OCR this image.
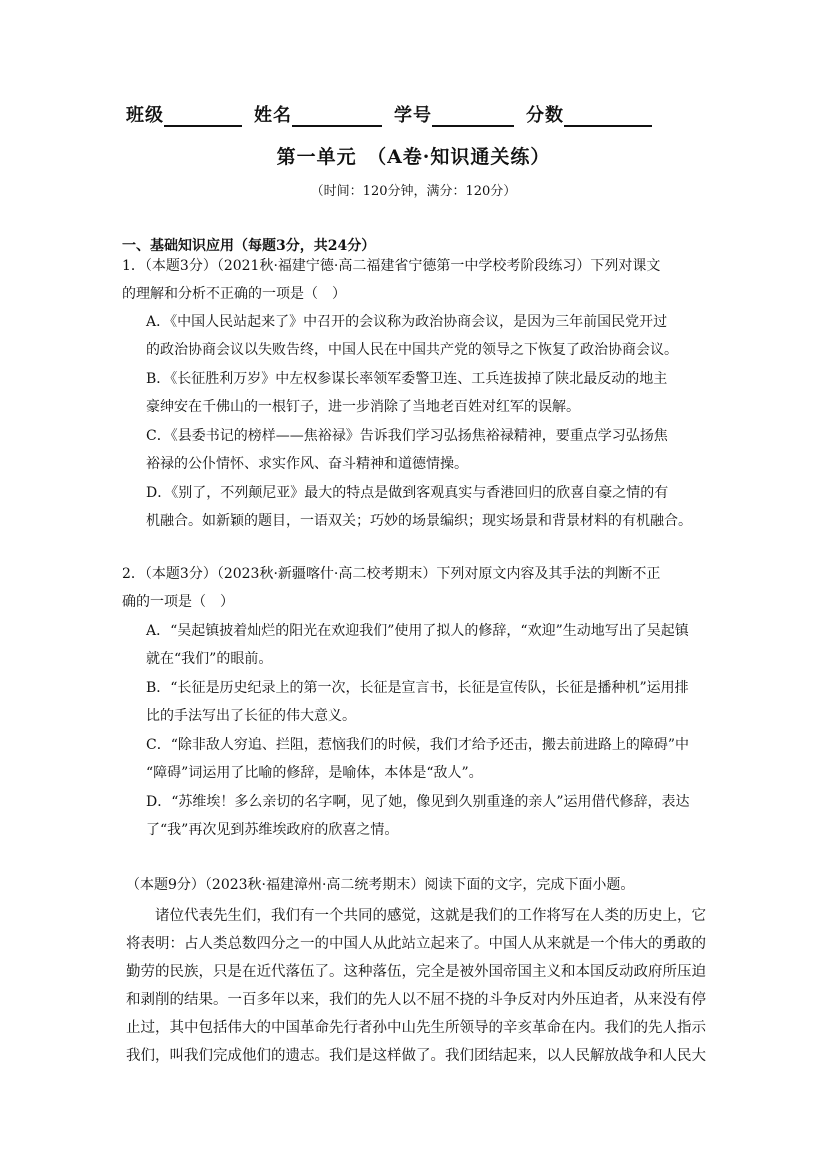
班级	姓名	学号	分数
第一单元　（A卷·知识通关练）
（时间：120分钟，满分：120分）
一、基础知识应用（每题3分，共24分）
1．（本题3分）（2021秋·福建宁德·高二福建省宁德第一中学校考阶段练习）下列对课文
的理解和分析不正确的一项是（　）
A．《中国人民站起来了》中召开的会议称为政治协商会议，是因为三年前国民党开过
的政治协商会议以失败告终，中国人民在中国共产党的领导之下恢复了政治协商会议。
B．《长征胜利万岁》中左权参谋长率领军委警卫连、工兵连拔掉了陕北最反动的地主
豪绅安在千佛山的一根钉子，进一步消除了当地老百姓对红军的误解。
C．《县委书记的榜样——焦裕禄》告诉我们学习弘扬焦裕禄精神，要重点学习弘扬焦
裕禄的公仆情怀、求实作风、奋斗精神和道德情操。
D．《别了，不列颠尼亚》最大的特点是做到客观真实与香港回归的欣喜自豪之情的有
机融合。如新颖的题目，一语双关；巧妙的场景编织；现实场景和背景材料的有机融合。
2．（本题3分）（2023秋·新疆喀什·高二校考期末）下列对原文内容及其手法的判断不正
确的一项是（　）
A．“吴起镇披着灿烂的阳光在欢迎我们”使用了拟人的修辞，“欢迎”生动地写出了吴起镇
就在“我们”的眼前。
B．“长征是历史纪录上的第一次，长征是宣言书，长征是宣传队，长征是播种机”运用排
比的手法写出了长征的伟大意义。
C．“除非敌人穷追、拦阻，惹恼我们的时候，我们才给予还击，搬去前进路上的障碍”中
“障碍”词运用了比喻的修辞，是喻体，本体是“敌人”。
D．“苏维埃！多么亲切的名字啊，见了她，像见到久别重逢的亲人”运用借代修辞，表达
了“我”再次见到苏维埃政府的欣喜之情。
（本题9分）（2023秋·福建漳州·高二统考期末）阅读下面的文字，完成下面小题。
　　诸位代表先生们，我们有一个共同的感觉，这就是我们的工作将写在人类的历史上，它
将表明：占人类总数四分之一的中国人从此站立起来了。中国人从来就是一个伟大的勇敢的
勤劳的民族，只是在近代落伍了。这种落伍，完全是被外国帝国主义和本国反动政府所压迫
和剥削的结果。一百多年以来，我们的先人以不屈不挠的斗争反对内外压迫者，从来没有停
止过，其中包括伟大的中国革命先行者孙中山先生所领导的辛亥革命在内。我们的先人指示
我们，叫我们完成他们的遗志。我们是这样做了。我们团结起来，以人民解放战争和人民大
